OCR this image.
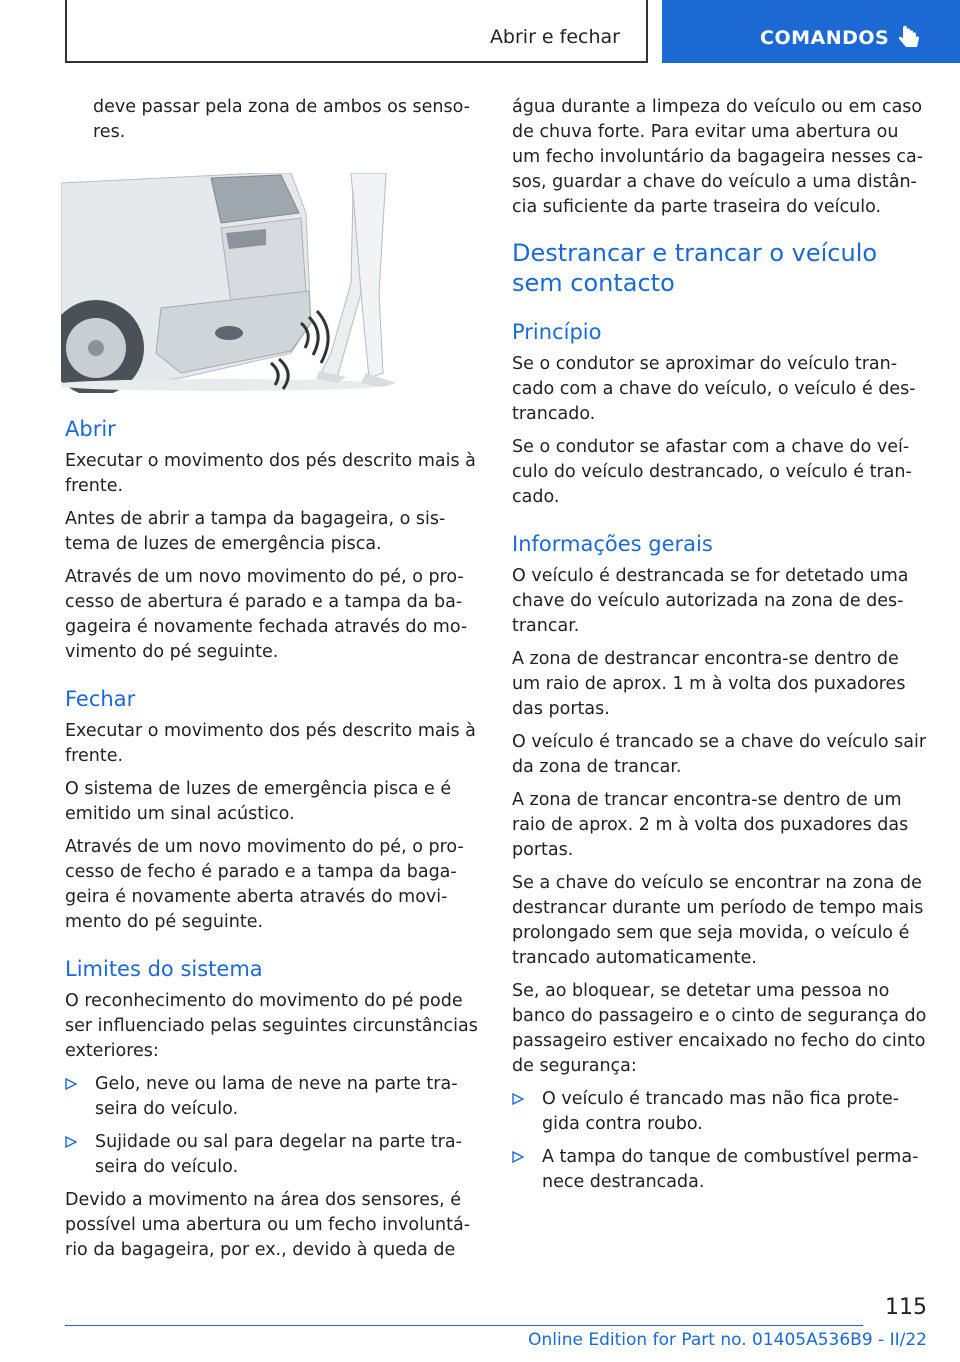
Abrir e fechar	COMANDOS

deve passar pela zona de ambos os senso-res.

Abrir

Executar o movimento dos pés descrito mais à frente.

Antes de abrir a tampa da bagageira, o sis-tema de luzes de emergência pisca.

Através de um novo movimento do pé, o pro-cesso de abertura é parado e a tampa da ba-gageira é novamente fechada através do mo-vimento do pé seguinte.

Fechar

Executar o movimento dos pés descrito mais à frente.

O sistema de luzes de emergência pisca e é emitido um sinal acústico.

Através de um novo movimento do pé, o pro-cesso de fecho é parado e a tampa da baga-geira é novamente aberta através do movi-mento do pé seguinte.

Limites do sistema

O reconhecimento do movimento do pé pode ser influenciado pelas seguintes circunstâncias exteriores:

Gelo, neve ou lama de neve na parte tra-seira do veículo.
Sujidade ou sal para degelar na parte tra-seira do veículo.

Devido a movimento na área dos sensores, é possível uma abertura ou um fecho involuntá-rio da bagageira, por ex., devido à queda de

água durante a limpeza do veículo ou em caso de chuva forte. Para evitar uma abertura ou um fecho involuntário da bagageira nesses ca-sos, guardar a chave do veículo a uma distân-cia suficiente da parte traseira do veículo.

Destrancar e trancar o veículo sem contacto
Princípio

Se o condutor se aproximar do veículo tran-cado com a chave do veículo, o veículo é des-trancado.

Se o condutor se afastar com a chave do veí-culo do veículo destrancado, o veículo é tran-cado.

Informações gerais

O veículo é destrancada se for detetado uma chave do veículo autorizada na zona de des-trancar.

A zona de destrancar encontra-se dentro de um raio de aprox. 1 m à volta dos puxadores das portas.

O veículo é trancado se a chave do veículo sair da zona de trancar.

A zona de trancar encontra-se dentro de um raio de aprox. 2 m à volta dos puxadores das portas.

Se a chave do veículo se encontrar na zona de destrancar durante um período de tempo mais prolongado sem que seja movida, o veículo é trancado automaticamente.

Se, ao bloquear, se detetar uma pessoa no banco do passageiro e o cinto de segurança do passageiro estiver encaixado no fecho do cinto de segurança:

O veículo é trancado mas não fica prote-gida contra roubo.
A tampa do tanque de combustível perma-nece destrancada.
115
Online Edition for Part no. 01405A536B9 - II/22
